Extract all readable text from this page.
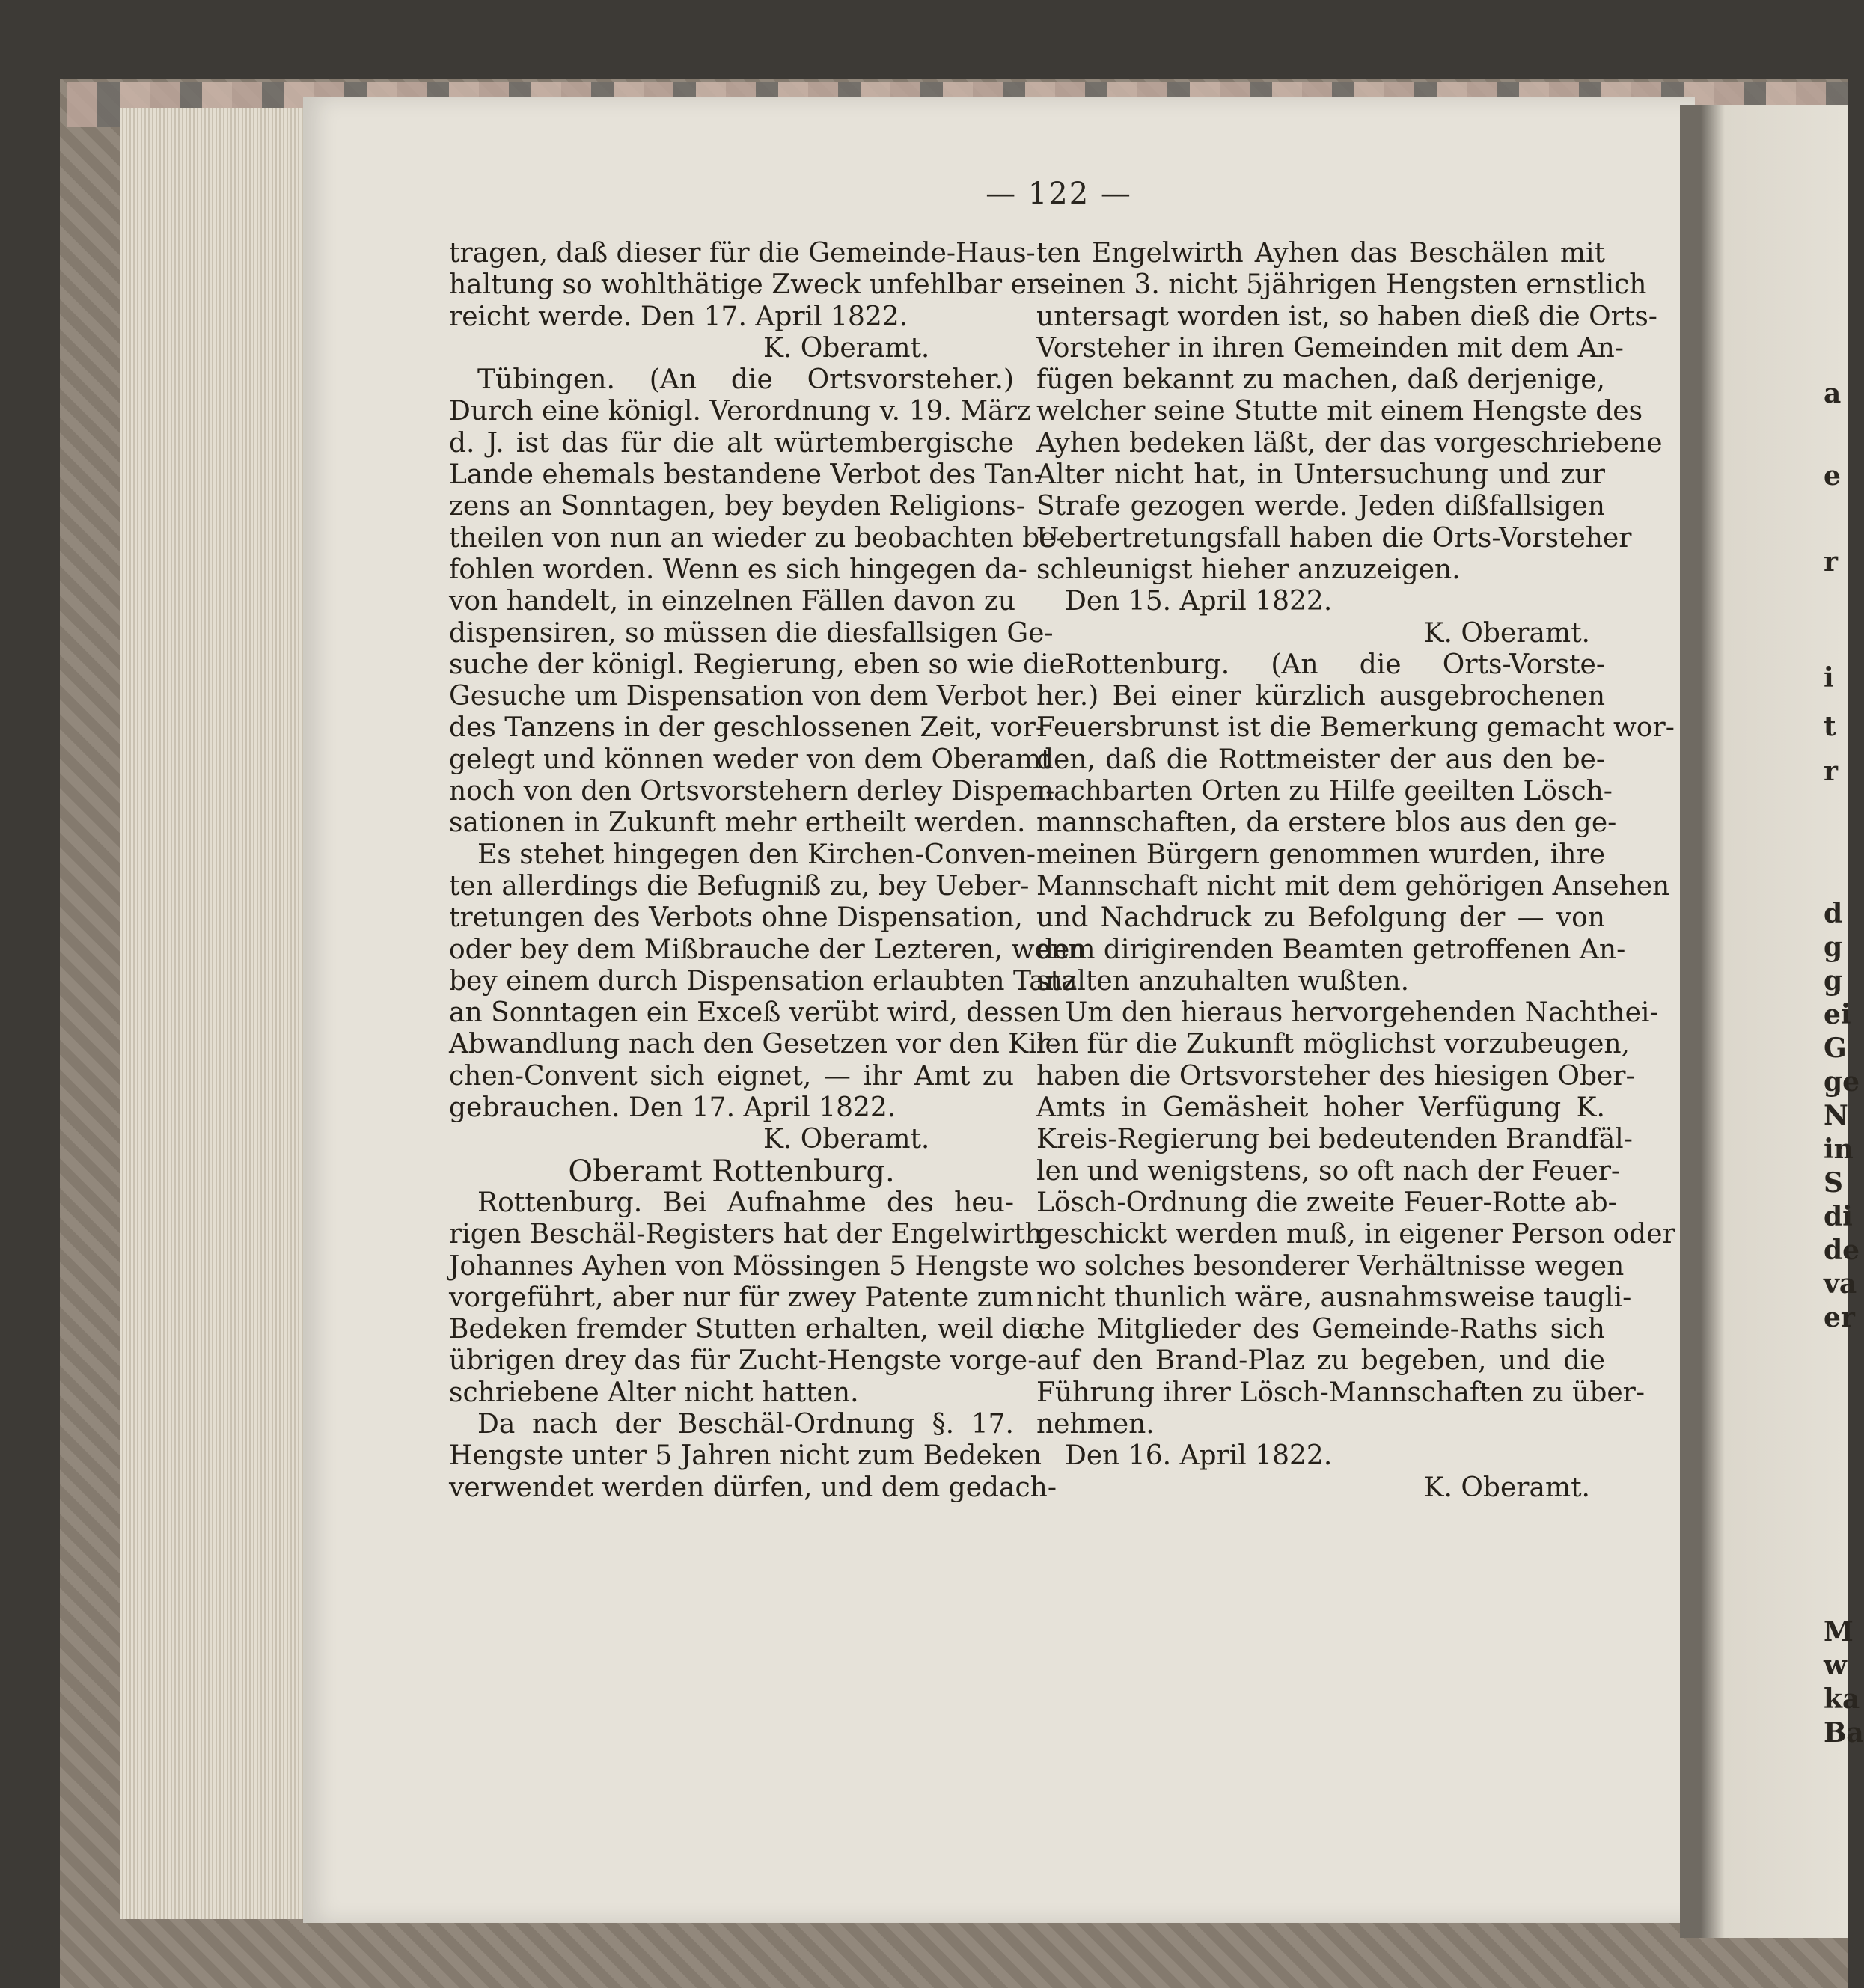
a
e
r
i
t
r
d
g
g
ei
G
ge
N
in
S
di
de
va
er
M
w
ka
Ba
— 122 —
tragen, daß dieser für die Gemeinde-Haus-
haltung so wohlthätige Zweck unfehlbar er-
reicht werde. Den 17. April 1822.
K. Oberamt.
Tübingen. (An die Ortsvorsteher.)
Durch eine königl. Verordnung v. 19. März
d. J. ist das für die alt würtembergische
Lande ehemals bestandene Verbot des Tan-
zens an Sonntagen, bey beyden Religions-
theilen von nun an wieder zu beobachten be-
fohlen worden. Wenn es sich hingegen da-
von handelt, in einzelnen Fällen davon zu
dispensiren, so müssen die diesfallsigen Ge-
suche der königl. Regierung, eben so wie die
Gesuche um Dispensation von dem Verbot
des Tanzens in der geschlossenen Zeit, vor-
gelegt und können weder von dem Oberamt
noch von den Ortsvorstehern derley Dispen-
sationen in Zukunft mehr ertheilt werden.
Es stehet hingegen den Kirchen-Conven-
ten allerdings die Befugniß zu, bey Ueber-
tretungen des Verbots ohne Dispensation,
oder bey dem Mißbrauche der Lezteren, wenn
bey einem durch Dispensation erlaubten Tanz
an Sonntagen ein Exceß verübt wird, dessen
Abwandlung nach den Gesetzen vor den Kir-
chen-Convent sich eignet, — ihr Amt zu
gebrauchen. Den 17. April 1822.
K. Oberamt.
Oberamt Rottenburg.
Rottenburg. Bei Aufnahme des heu-
rigen Beschäl-Registers hat der Engelwirth
Johannes Ayhen von Mössingen 5 Hengste
vorgeführt, aber nur für zwey Patente zum
Bedeken fremder Stutten erhalten, weil die
übrigen drey das für Zucht-Hengste vorge-
schriebene Alter nicht hatten.
Da nach der Beschäl-Ordnung §. 17.
Hengste unter 5 Jahren nicht zum Bedeken
verwendet werden dürfen, und dem gedach-
ten Engelwirth Ayhen das Beschälen mit
seinen 3. nicht 5jährigen Hengsten ernstlich
untersagt worden ist, so haben dieß die Orts-
Vorsteher in ihren Gemeinden mit dem An-
fügen bekannt zu machen, daß derjenige,
welcher seine Stutte mit einem Hengste des
Ayhen bedeken läßt, der das vorgeschriebene
Alter nicht hat, in Untersuchung und zur
Strafe gezogen werde. Jeden dißfallsigen
Uebertretungsfall haben die Orts-Vorsteher
schleunigst hieher anzuzeigen.
Den 15. April 1822.
K. Oberamt.
Rottenburg. (An die Orts-Vorste-
her.) Bei einer kürzlich ausgebrochenen
Feuersbrunst ist die Bemerkung gemacht wor-
den, daß die Rottmeister der aus den be-
nachbarten Orten zu Hilfe geeilten Lösch-
mannschaften, da erstere blos aus den ge-
meinen Bürgern genommen wurden, ihre
Mannschaft nicht mit dem gehörigen Ansehen
und Nachdruck zu Befolgung der — von
dem dirigirenden Beamten getroffenen An-
stalten anzuhalten wußten.
Um den hieraus hervorgehenden Nachthei-
len für die Zukunft möglichst vorzubeugen,
haben die Ortsvorsteher des hiesigen Ober-
Amts in Gemäsheit hoher Verfügung K.
Kreis-Regierung bei bedeutenden Brandfäl-
len und wenigstens, so oft nach der Feuer-
Lösch-Ordnung die zweite Feuer-Rotte ab-
geschickt werden muß, in eigener Person oder
wo solches besonderer Verhältnisse wegen
nicht thunlich wäre, ausnahmsweise taugli-
che Mitglieder des Gemeinde-Raths sich
auf den Brand-Plaz zu begeben, und die
Führung ihrer Lösch-Mannschaften zu über-
nehmen.
Den 16. April 1822.
K. Oberamt.
